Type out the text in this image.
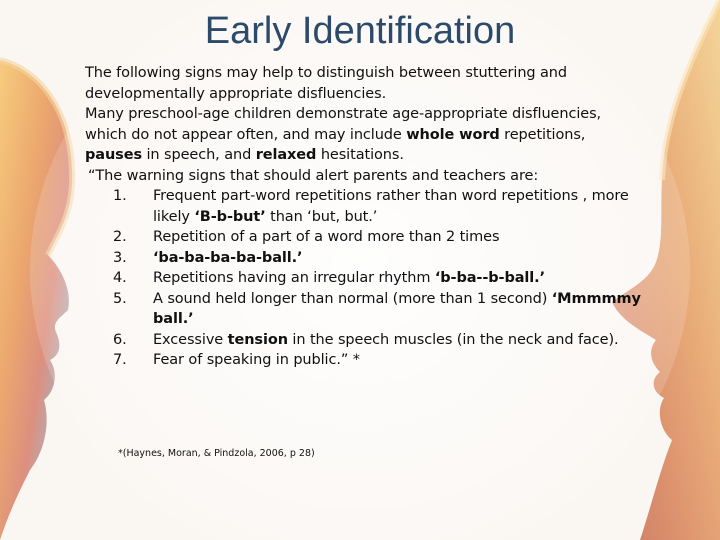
Early Identification

The following signs may help to distinguish between stuttering and developmentally appropriate disfluencies.

Many preschool-age children demonstrate age-appropriate disfluencies, which do not appear often, and may include whole word repetitions, pauses in speech, and relaxed hesitations.

“The warning signs that should alert parents and teachers are:

1.	Frequent part-word repetitions rather than word repetitions , more likely ‘B-b-but’ than ‘but, but.’
2.	Repetition of a part of a word more than 2 times
3.	‘ba-ba-ba-ba-ball.’
4.	Repetitions having an irregular rhythm ‘b-ba--b-ball.’
5.	A sound held longer than normal (more than 1 second) ‘Mmmmmy ball.’
6.	Excessive tension in the speech muscles (in the neck and face).
7.	Fear of speaking in public.” *
*(Haynes, Moran, & Pindzola, 2006, p 28)
